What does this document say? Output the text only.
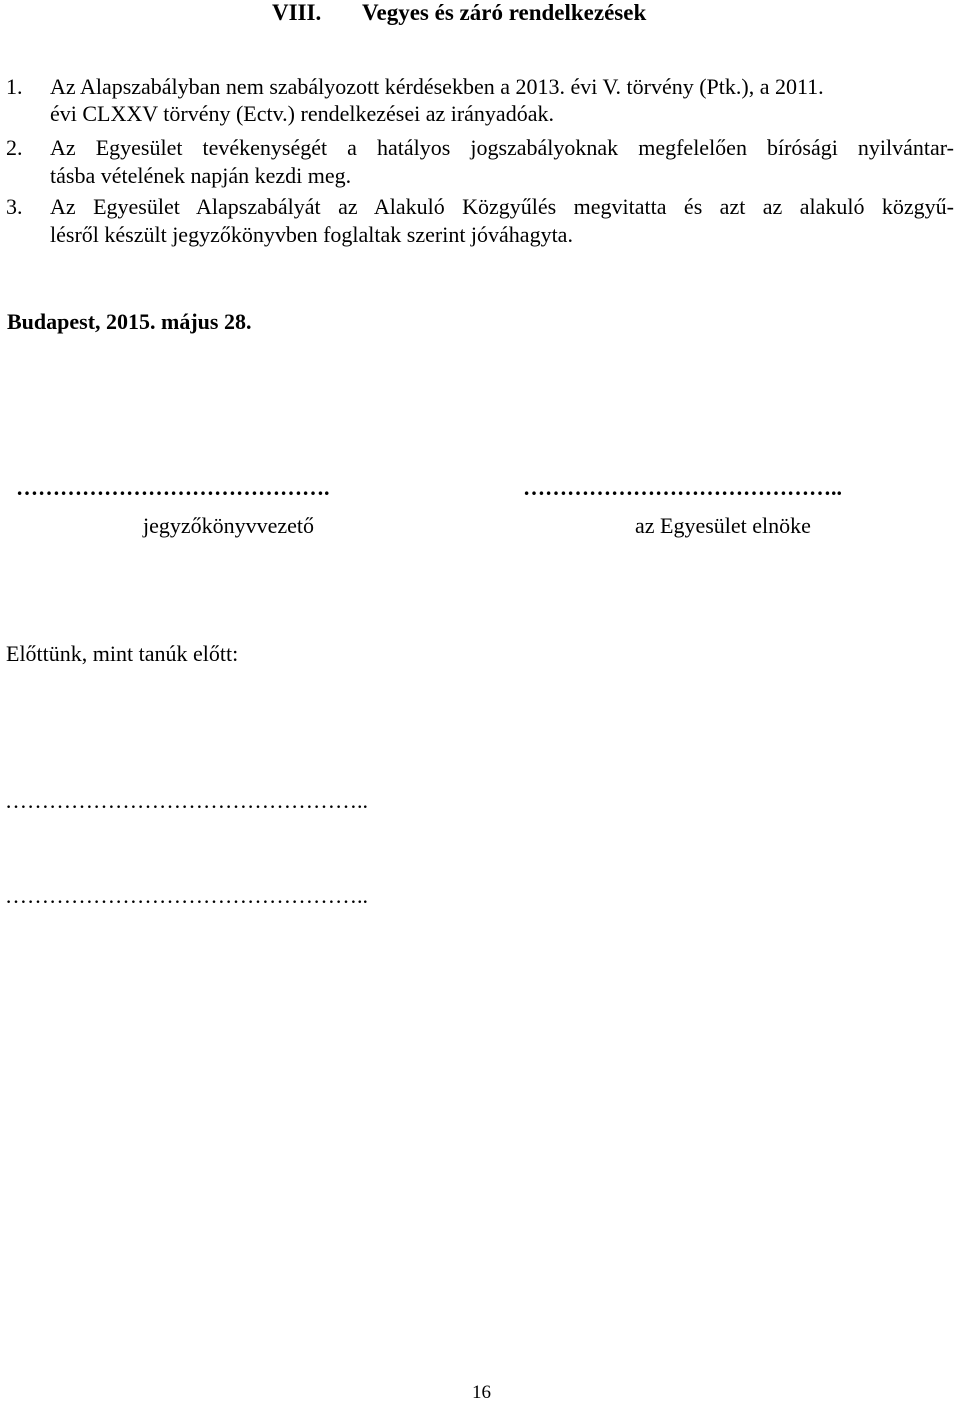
VIII. Vegyes és záró rendelkezések
1. Az Alapszabályban nem szabályozott kérdésekben a 2013. évi V. törvény (Ptk.), a 2011.
évi CLXXV törvény (Ectv.) rendelkezései az irányadóak.
2. Az Egyesület tevékenységét a hatályos jogszabályoknak megfelelően bírósági nyilvántar-
tásba vételének napján kezdi meg.
3. Az Egyesület Alapszabályát az Alakuló Közgyűlés megvitatta és azt az alakuló közgyű-
lésről készült jegyzőkönyvben foglaltak szerint jóváhagyta.
Budapest, 2015. május 28.
…………………………………….
jegyzőkönyvvezető
……………………………………..
az Egyesület elnöke
Előttünk, mint tanúk előtt:
…………………………………………..
…………………………………………..
16
